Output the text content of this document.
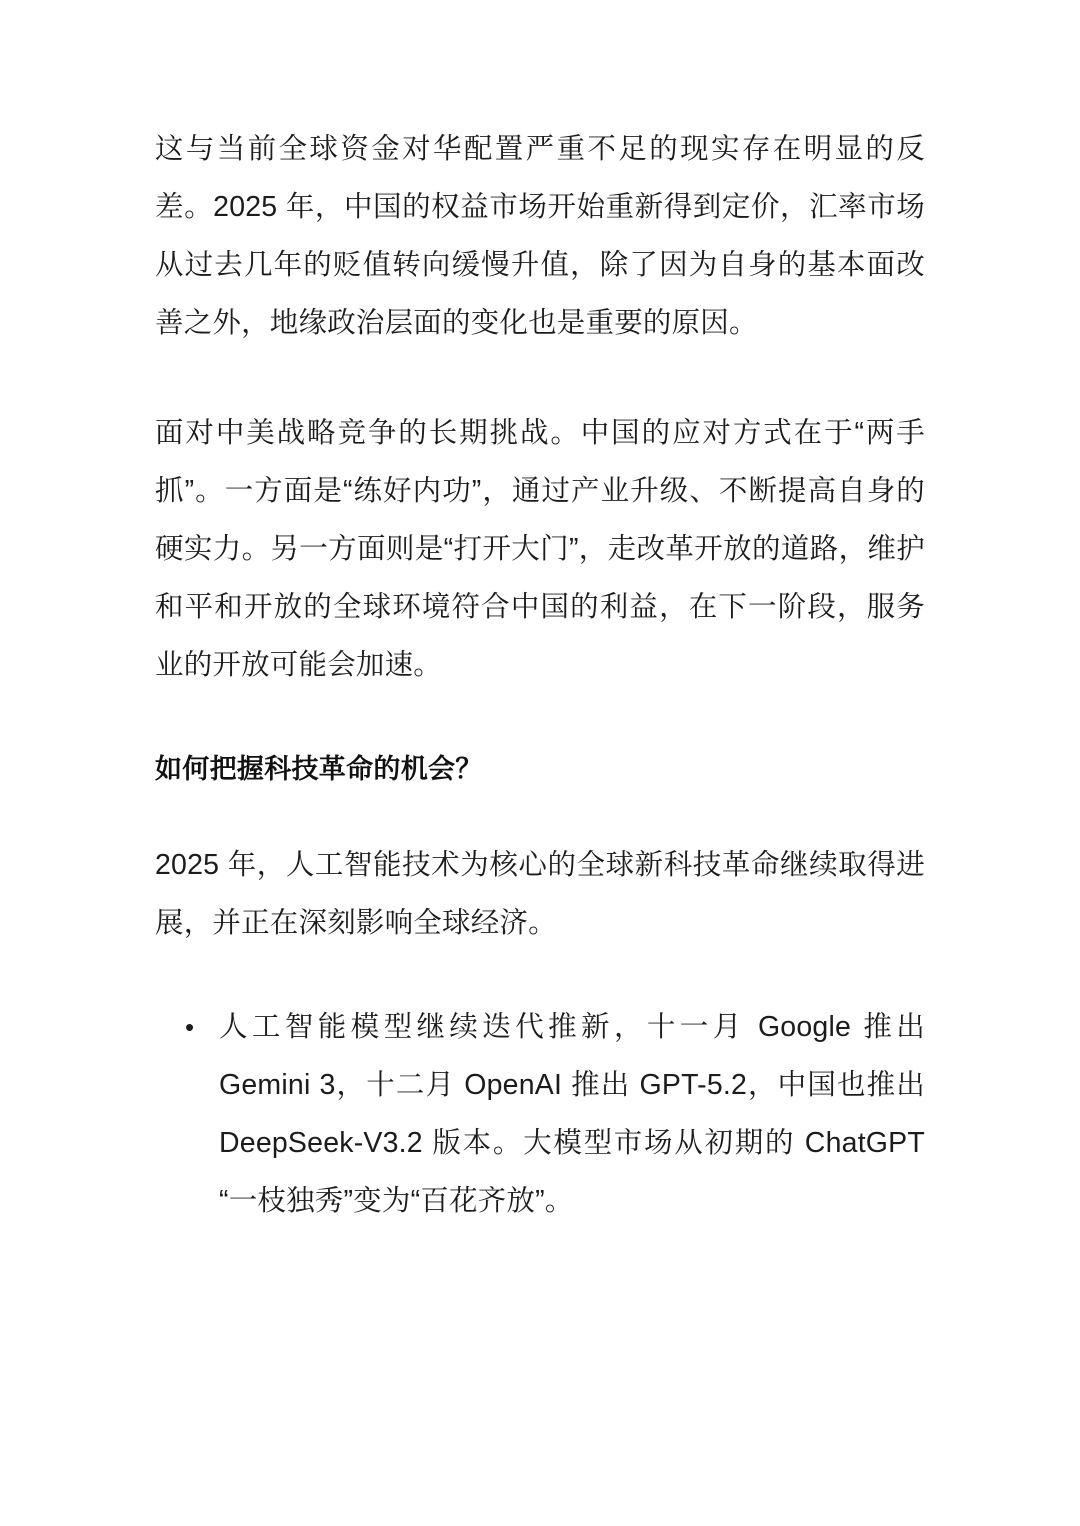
这与当前全球资金对华配置严重不足的现实存在明显的反差。2025 年，中国的权益市场开始重新得到定价，汇率市场从过去几年的贬值转向缓慢升值，除了因为自身的基本面改善之外，地缘政治层面的变化也是重要的原因。

面对中美战略竞争的长期挑战。中国的应对方式在于“两手抓”。一方面是“练好内功”，通过产业升级、不断提高自身的硬实力。另一方面则是“打开大门”，走改革开放的道路，维护和平和开放的全球环境符合中国的利益，在下一阶段，服务业的开放可能会加速。

如何把握科技革命的机会？

2025 年，人工智能技术为核心的全球新科技革命继续取得进展，并正在深刻影响全球经济。

• 人工智能模型继续迭代推新，十一月 Google 推出 Gemini 3，十二月 OpenAI 推出 GPT-5.2，中国也推出 DeepSeek-V3.2 版本。大模型市场从初期的 ChatGPT “一枝独秀”变为“百花齐放”。
